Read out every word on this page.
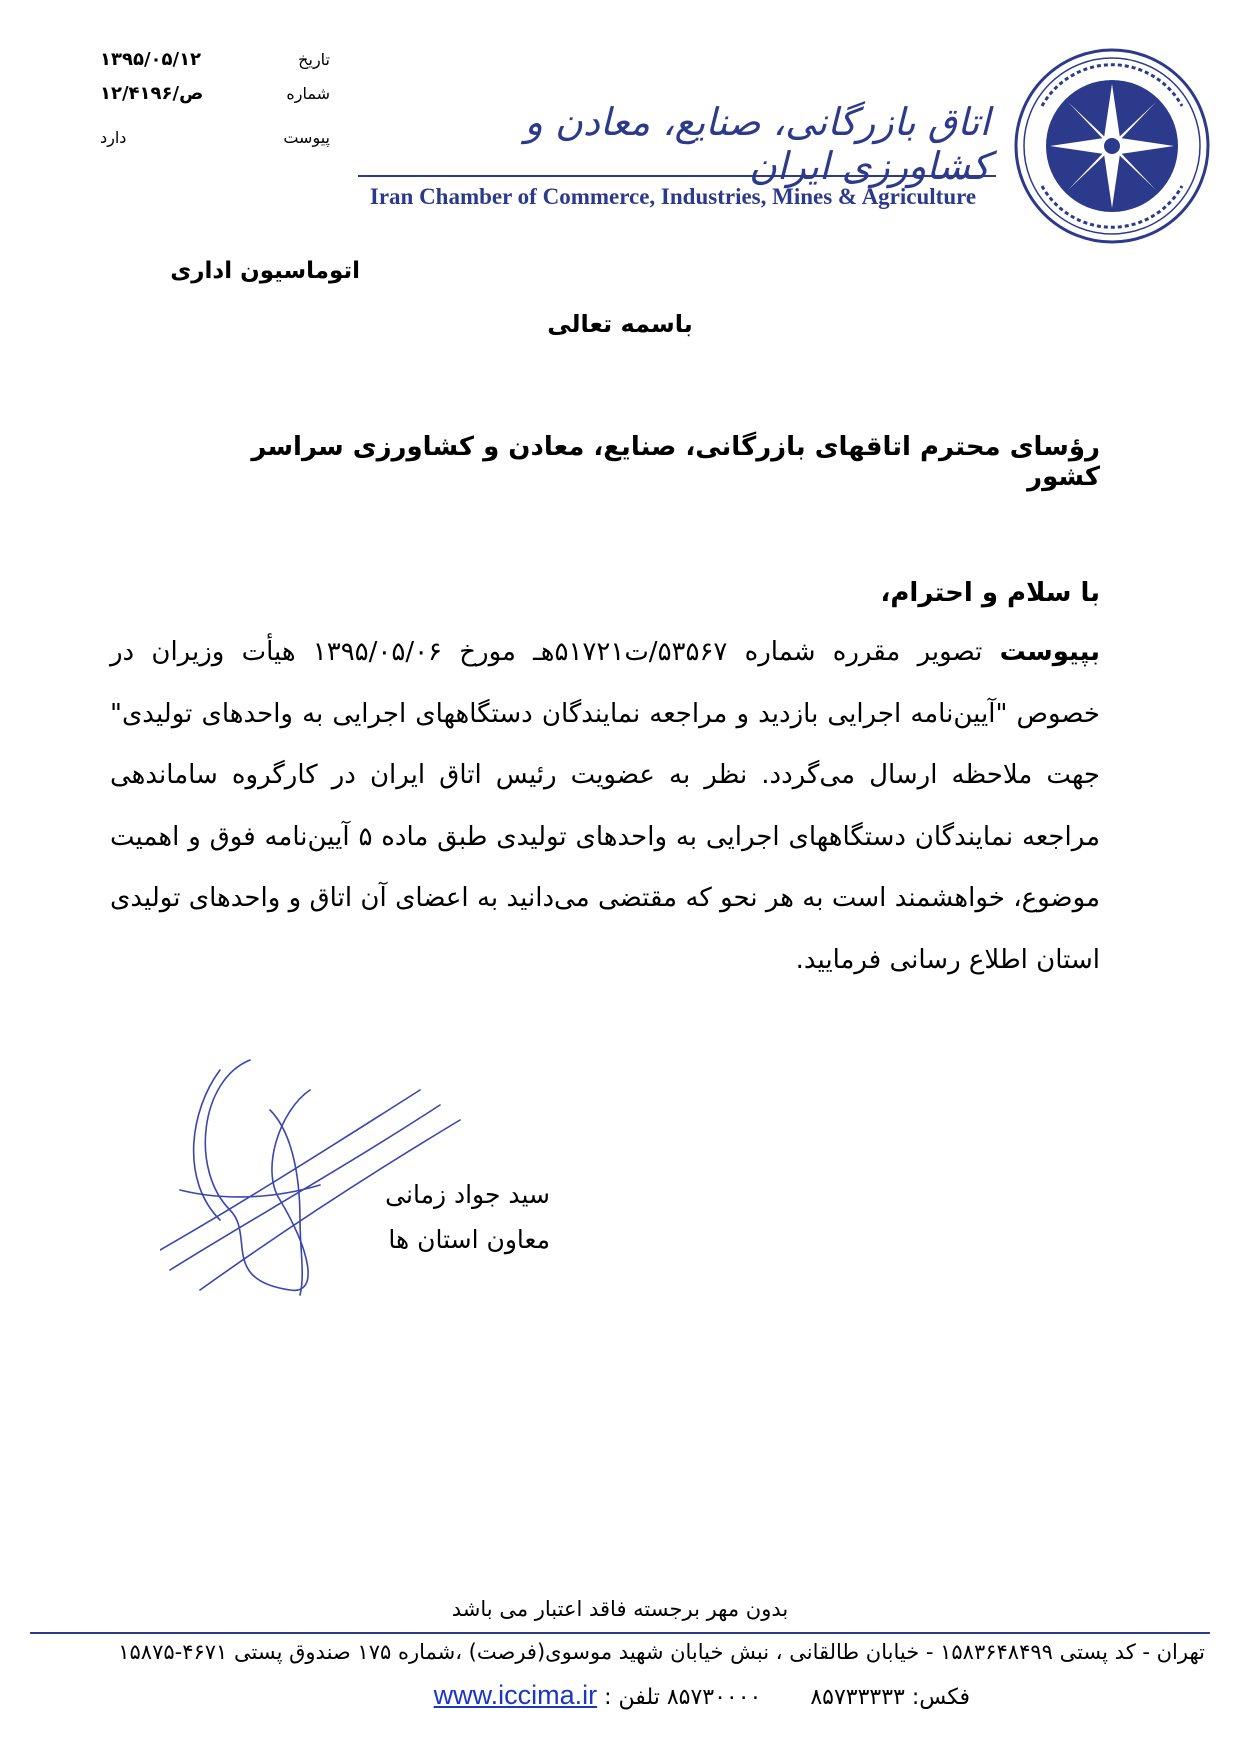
تاریخ
۱۳۹۵/۰۵/۱۲
شماره
۱۲/۴۱۹۶/ص
پیوست
دارد	اتاق بازرگانی، صنایع، معادن و کشاورزی ایران
Iran Chamber of Commerce, Industries, Mines & Agriculture
اتوماسیون اداری
باسمه تعالی
رؤسای محترم اتاقهای بازرگانی، صنایع، معادن و کشاورزی سراسر کشور
با سلام و احترام،
بپیوست تصویر مقرره شماره ۵۳۵۶۷/ت۵۱۷۲۱هـ مورخ ۱۳۹۵/۰۵/۰۶ هیأت وزیران در خصوص "آیین‌نامه اجرایی بازدید و مراجعه نمایندگان دستگاههای اجرایی به واحدهای تولیدی" جهت ملاحظه ارسال می‌گردد. نظر به عضویت رئیس اتاق ایران در کارگروه ساماندهی مراجعه نمایندگان دستگاههای اجرایی به واحدهای تولیدی طبق ماده ۵ آیین‌نامه فوق و اهمیت موضوع، خواهشمند است به هر نحو که مقتضی می‌دانید به اعضای آن اتاق و واحدهای تولیدی استان اطلاع رسانی فرمایید.
سید جواد زمانی
معاون استان ها
بدون مهر برجسته فاقد اعتبار می باشد
تهران - کد پستی ۱۵۸۳۶۴۸۴۹۹ - خیابان طالقانی ، نبش خیابان شهید موسوی(فرصت) ،شماره ۱۷۵ صندوق پستی ۴۶۷۱-۱۵۸۷۵
فکس: ۸۵۷۳۳۳۳۳       ۸۵۷۳۰۰۰۰ تلفن : www.iccima.ir
